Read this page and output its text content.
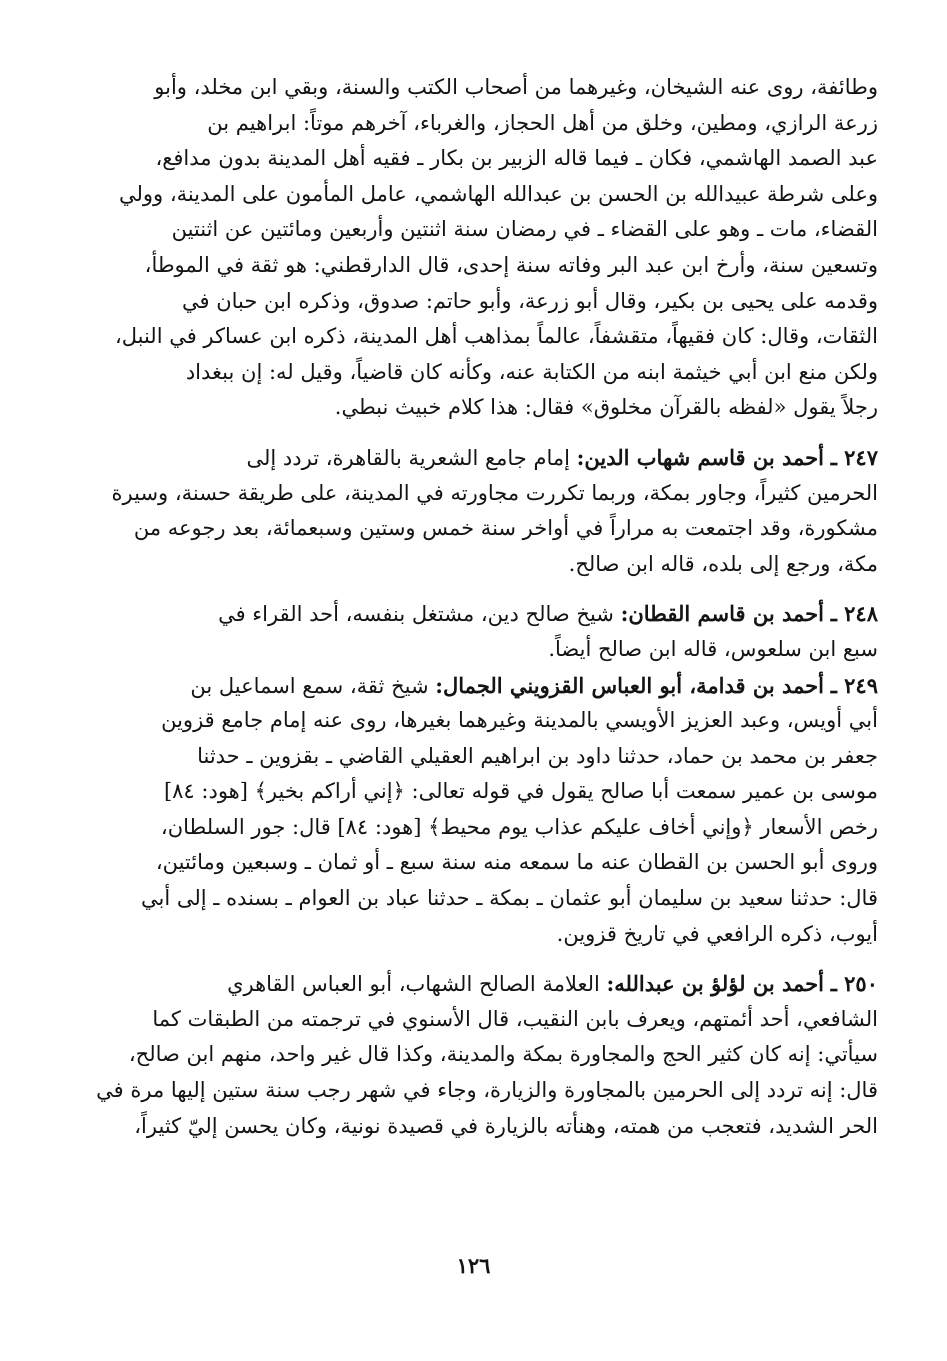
وطائفة، روى عنه الشيخان، وغيرهما من أصحاب الكتب والسنة، وبقي ابن مخلد، وأبو
زرعة الرازي، ومطين، وخلق من أهل الحجاز، والغرباء، آخرهم موتاً: ابراهيم بن
عبد الصمد الهاشمي، فكان ـ فيما قاله الزبير بن بكار ـ فقيه أهل المدينة بدون مدافع،
وعلى شرطة عبيدالله بن الحسن بن عبدالله الهاشمي، عامل المأمون على المدينة، وولي
القضاء، مات ـ وهو على القضاء ـ في رمضان سنة اثنتين وأربعين ومائتين عن اثنتين
وتسعين سنة، وأرخ ابن عبد البر وفاته سنة إحدى، قال الدارقطني: هو ثقة في الموطأ،
وقدمه على يحيى بن بكير، وقال أبو زرعة، وأبو حاتم: صدوق، وذكره ابن حبان في
الثقات، وقال: كان فقيهاً، متقشفاً، عالماً بمذاهب أهل المدينة، ذكره ابن عساكر في النبل،
ولكن منع ابن أبي خيثمة ابنه من الكتابة عنه، وكأنه كان قاضياً، وقيل له: إن ببغداد
رجلاً يقول «لفظه بالقرآن مخلوق» فقال: هذا كلام خبيث نبطي.

٢٤٧ ـ أحمد بن قاسم شهاب الدين: إمام جامع الشعرية بالقاهرة، تردد إلى
الحرمين كثيراً، وجاور بمكة، وربما تكررت مجاورته في المدينة، على طريقة حسنة، وسيرة
مشكورة، وقد اجتمعت به مراراً في أواخر سنة خمس وستين وسبعمائة، بعد رجوعه من
مكة، ورجع إلى بلده، قاله ابن صالح.

٢٤٨ ـ أحمد بن قاسم القطان: شيخ صالح دين، مشتغل بنفسه، أحد القراء في
سبع ابن سلعوس، قاله ابن صالح أيضاً.

٢٤٩ ـ أحمد بن قدامة، أبو العباس القزويني الجمال: شيخ ثقة، سمع اسماعيل بن
أبي أويس، وعبد العزيز الأويسي بالمدينة وغيرهما بغيرها، روى عنه إمام جامع قزوين
جعفر بن محمد بن حماد، حدثنا داود بن ابراهيم العقيلي القاضي ـ بقزوين ـ حدثنا
موسى بن عمير سمعت أبا صالح يقول في قوله تعالى: ﴿إني أراكم بخير﴾ [هود: ٨٤]
رخص الأسعار ﴿وإني أخاف عليكم عذاب يوم محيط﴾ [هود: ٨٤] قال: جور السلطان،
وروى أبو الحسن بن القطان عنه ما سمعه منه سنة سبع ـ أو ثمان ـ وسبعين ومائتين،
قال: حدثنا سعيد بن سليمان أبو عثمان ـ بمكة ـ حدثنا عباد بن العوام ـ بسنده ـ إلى أبي
أيوب، ذكره الرافعي في تاريخ قزوين.

٢٥٠ ـ أحمد بن لؤلؤ بن عبدالله: العلامة الصالح الشهاب، أبو العباس القاهري
الشافعي، أحد أئمتهم، ويعرف بابن النقيب، قال الأسنوي في ترجمته من الطبقات كما
سيأتي: إنه كان كثير الحج والمجاورة بمكة والمدينة، وكذا قال غير واحد، منهم ابن صالح،
قال: إنه تردد إلى الحرمين بالمجاورة والزيارة، وجاء في شهر رجب سنة ستين إليها مرة في
الحر الشديد، فتعجب من همته، وهنأته بالزيارة في قصيدة نونية، وكان يحسن إليّ كثيراً،

١٢٦
